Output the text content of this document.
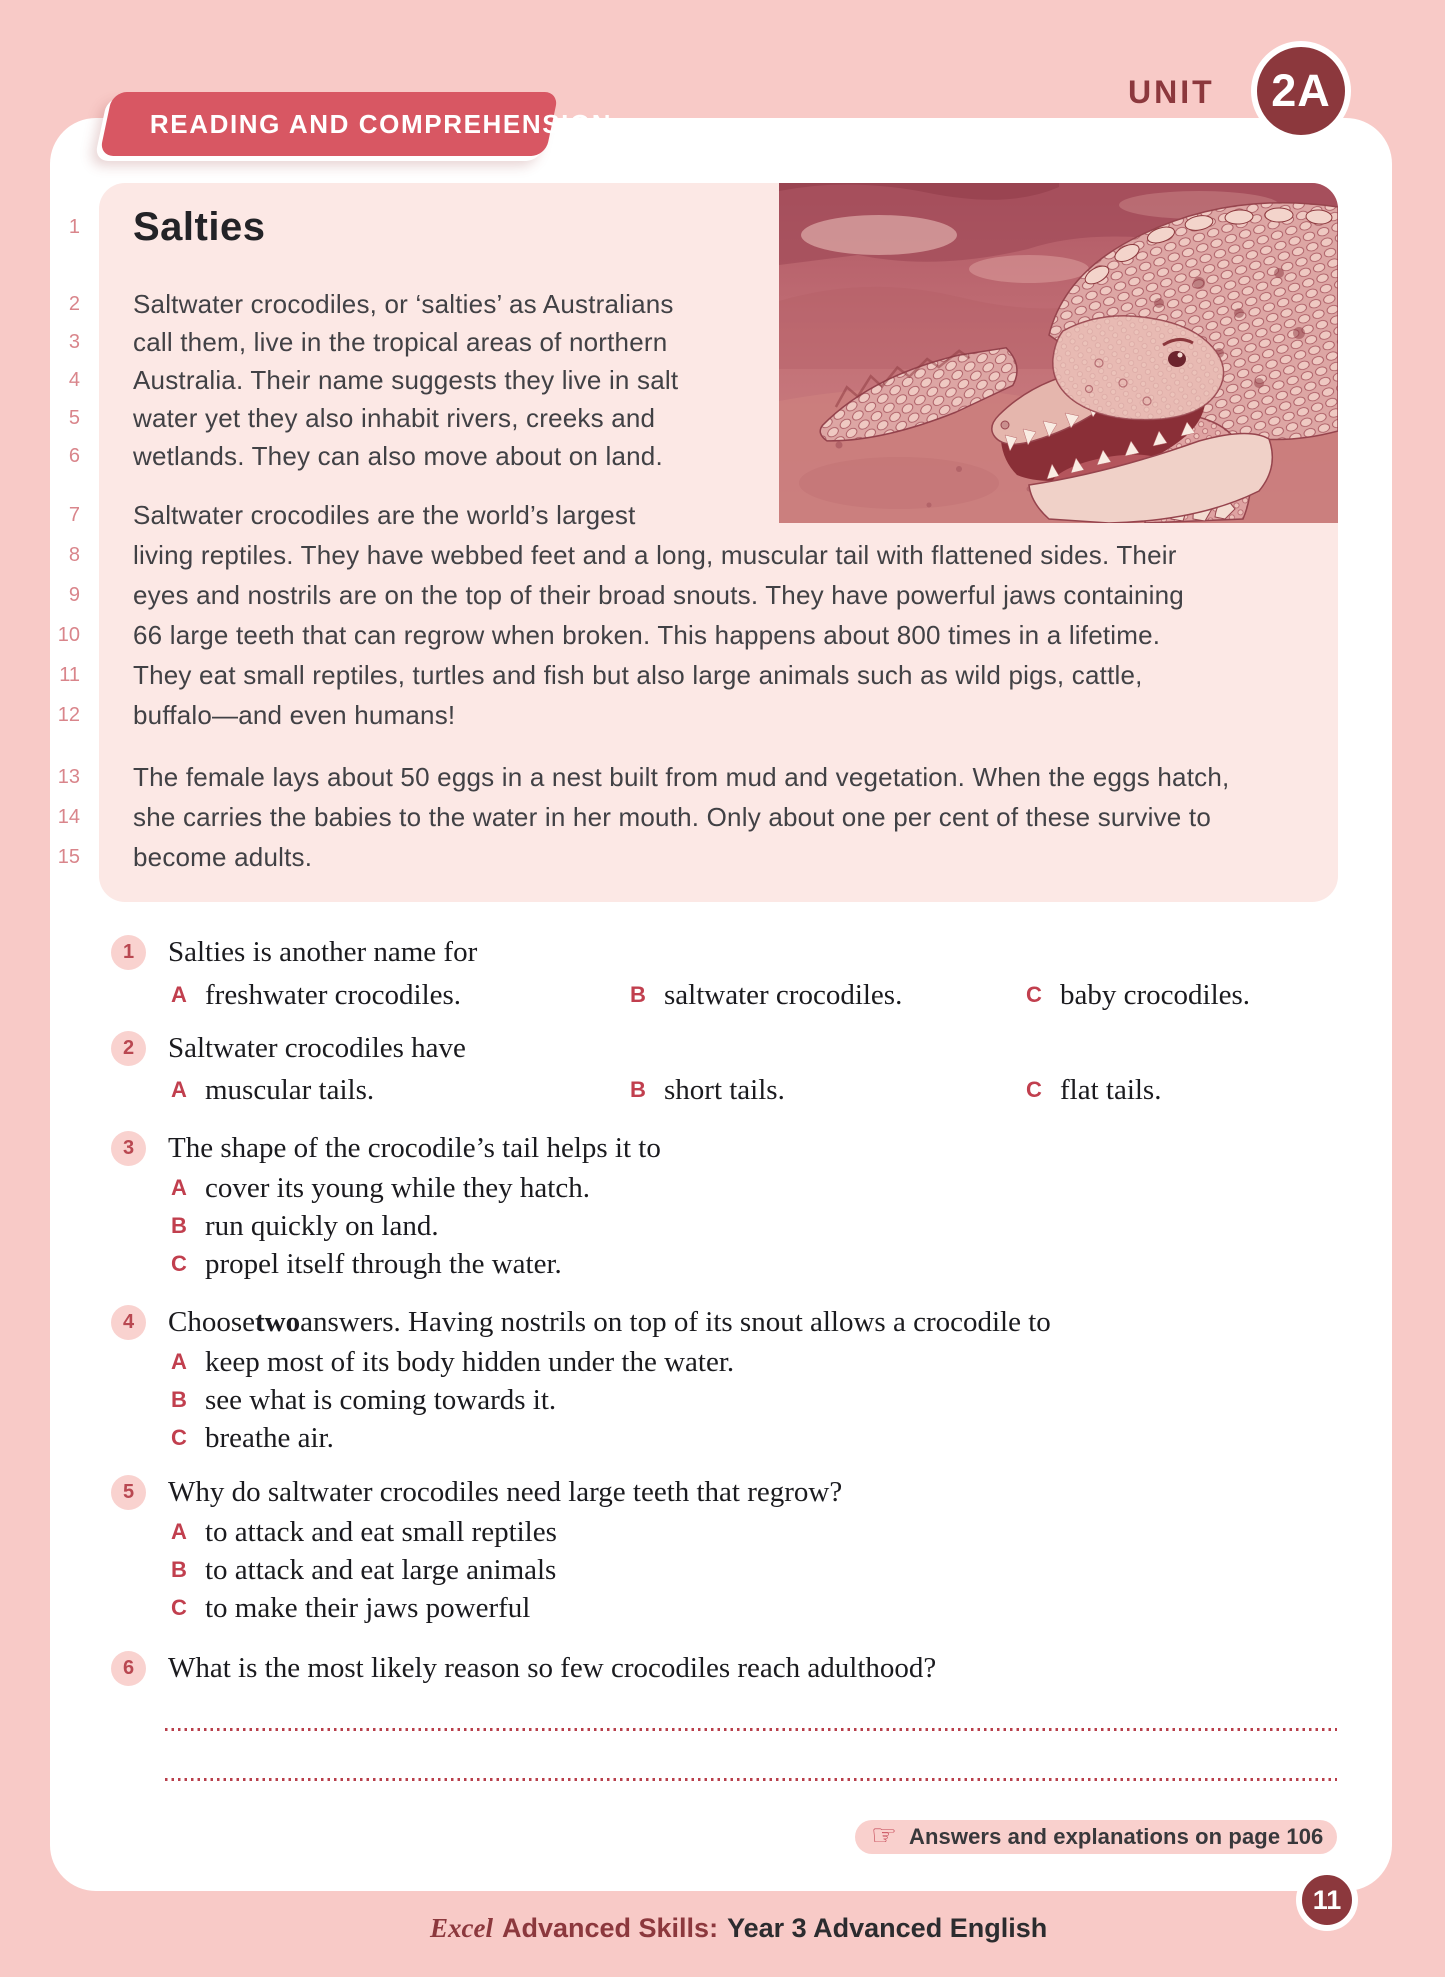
READING AND COMPREHENSION
UNIT	2A
1 Salties
2 Saltwater crocodiles, or ‘salties’ as Australians
3 call them, live in the tropical areas of northern
4 Australia. Their name suggests they live in salt
5 water yet they also inhabit rivers, creeks and
6 wetlands. They can also move about on land.
7 Saltwater crocodiles are the world’s largest
8 living reptiles. They have webbed feet and a long, muscular tail with flattened sides. Their
9 eyes and nostrils are on the top of their broad snouts. They have powerful jaws containing
10 66 large teeth that can regrow when broken. This happens about 800 times in a lifetime.
11 They eat small reptiles, turtles and fish but also large animals such as wild pigs, cattle,
12 buffalo—and even humans!
13 The female lays about 50 eggs in a nest built from mud and vegetation. When the eggs hatch,
14 she carries the babies to the water in her mouth. Only about one per cent of these survive to
15 become adults.
1	Salties is another name for
A freshwater crocodiles.	B saltwater crocodiles.	C baby crocodiles.
2	Saltwater crocodiles have
A muscular tails.	B short tails.	C flat tails.
3	The shape of the crocodile’s tail helps it to
A cover its young while they hatch.
B run quickly on land.
C propel itself through the water.
4	Choose two answers. Having nostrils on top of its snout allows a crocodile to
A keep most of its body hidden under the water.
B see what is coming towards it.
C breathe air.
5	Why do saltwater crocodiles need large teeth that regrow?
A to attack and eat small reptiles
B to attack and eat large animals
C to make their jaws powerful
6	What is the most likely reason so few crocodiles reach adulthood?
☞ Answers and explanations on page 106
Excel Advanced Skills: Year 3 Advanced English
11
